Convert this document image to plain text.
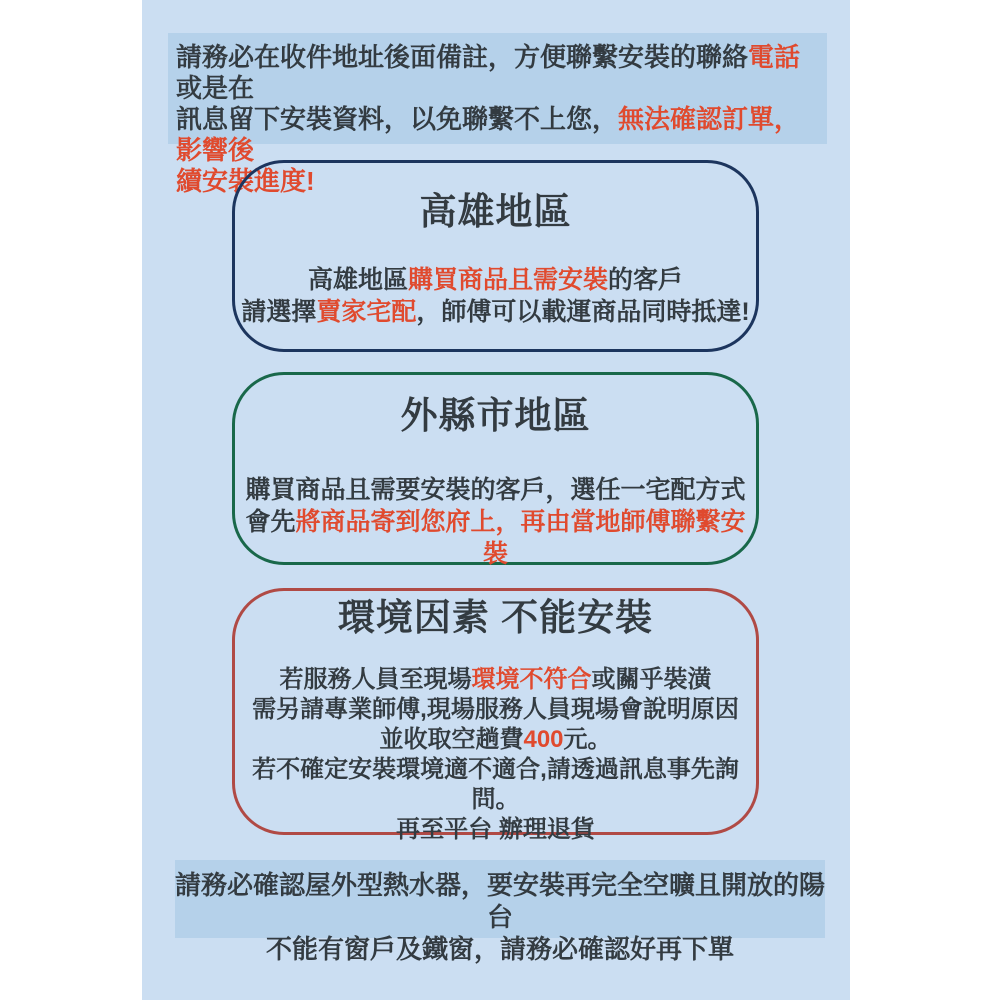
請務必在收件地址後面備註，方便聯繫安裝的聯絡電話或是在

訊息留下安裝資料，以免聯繫不上您，無法確認訂單，影響後

續安裝進度!

高雄地區

高雄地區購買商品且需安裝的客戶

請選擇賣家宅配，師傅可以載運商品同時抵達!

外縣市地區

購買商品且需要安裝的客戶，選任一宅配方式

會先將商品寄到您府上，再由當地師傅聯繫安裝

環境因素 不能安裝

若服務人員至現場環境不符合或關乎裝潢

需另請專業師傅,現場服務人員現場會說明原因

並收取空趟費400元。

若不確定安裝環境適不適合,請透過訊息事先詢問。

再至平台 辦理退貨

請務必確認屋外型熱水器，要安裝再完全空曠且開放的陽台

不能有窗戶及鐵窗，請務必確認好再下單
